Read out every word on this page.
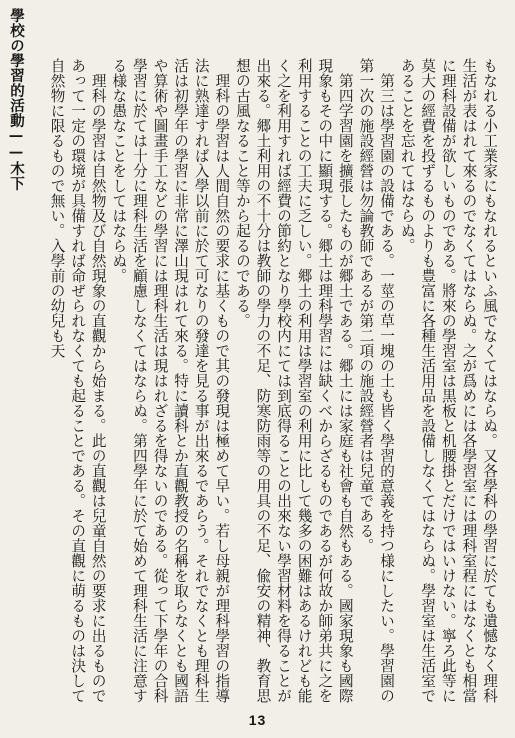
學校の學習的活動——木下	もなれる小工業家にもなれるといふ風でなくてはならぬ。又各學科の學習に於ても遺憾なく理科生活が表はれて來るのでなくてはならぬ。之が爲めには各學習室には理科室程にはなくとも相當に理科設備が欲しいものである。將來の學習室は黒板と机腰掛とだけではいけない。寧ろ此等に莫大の經費を投ずるものよりも豊富に各種生活用品を設備しなくてはならぬ。學習室は生活室であることを忘れてはならぬ。

第三は學習園の設備である。一莖の草一塊の土も皆く學習的意義を持つ様にしたい。學習園の第一次の施設經營は勿論教師であるが第二項の施設經營者は兒童である。

第四学習園を擴張したものが郷土である。郷土には家庭も社會も自然もある。國家現象も國際現象もその中に顯現する。郷土は理科學習には缺くべからざるものであるが何故か師弟共に之を利用することの工夫に乏しい。郷土の利用は學習室の利用に比して幾多の困難はあるけれども能く之を利用すれば經費の節約となり學校内にては到底得ることの出來ない學習材料を得ることが出來る。郷土利用の不十分は教師の學力の不足、防寒防雨等の用具の不足、偸安の精神、教育思想の古風なること等から起るのである。

理科の學習は人間自然の要求に基くもので其の發現は極めて早い。若し母親が理科學習の指導法に熟達すれば入學以前に於て可なりの發達を見る事が出來るであらう。それでなくとも理科生活は初學年の學習に非常に澤山現はれて來る。特に讀科とか直觀教授の名稱を取らなくとも國語や算術や圖畫手工などの學習には理科生活は現はれざるを得ないのである。從って下學年の合科學習に於ては十分に理科生活を顧慮しなくてはならぬ。第四學年に於て始めて理科生活に注意する様な愚なことをしてはならぬ。

理科の學習は自然物及び自然現象の直觀から始まる。此の直觀は兒童自然の要求に出るものであって一定の環境が具備すれば命ぜられなくても起ることである。その直觀に萌るものは決して自然物に限るもので無い。入學前の幼兒も天

13
